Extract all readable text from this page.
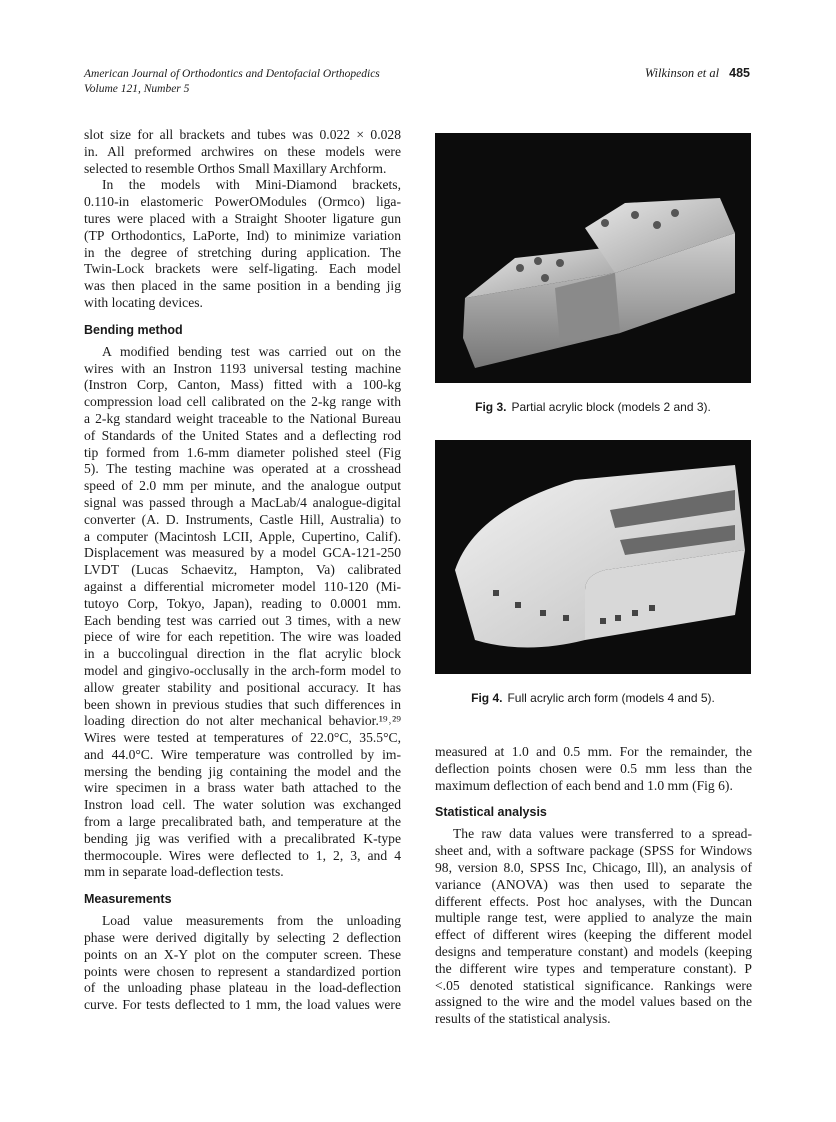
American Journal of Orthodontics and Dentofacial Orthopedics
Volume 121, Number 5
Wilkinson et al 485
slot size for all brackets and tubes was 0.022 × 0.028
in. All preformed archwires on these models were
selected to resemble Orthos Small Maxillary Archform.
In the models with Mini-Diamond brackets,
0.110-in elastomeric PowerOModules (Ormco) liga-
tures were placed with a Straight Shooter ligature gun
(TP Orthodontics, LaPorte, Ind) to minimize variation
in the degree of stretching during application. The
Twin-Lock brackets were self-ligating. Each model
was then placed in the same position in a bending jig
with locating devices.
Bending method
A modified bending test was carried out on the
wires with an Instron 1193 universal testing machine
(Instron Corp, Canton, Mass) fitted with a 100-kg
compression load cell calibrated on the 2-kg range with
a 2-kg standard weight traceable to the National Bureau
of Standards of the United States and a deflecting rod
tip formed from 1.6-mm diameter polished steel (Fig
5). The testing machine was operated at a crosshead
speed of 2.0 mm per minute, and the analogue output
signal was passed through a MacLab/4 analogue-digital
converter (A. D. Instruments, Castle Hill, Australia) to
a computer (Macintosh LCII, Apple, Cupertino, Calif).
Displacement was measured by a model GCA-121-250
LVDT (Lucas Schaevitz, Hampton, Va) calibrated
against a differential micrometer model 110-120 (Mi-
tutoyo Corp, Tokyo, Japan), reading to 0.0001 mm.
Each bending test was carried out 3 times, with a new
piece of wire for each repetition. The wire was loaded
in a buccolingual direction in the flat acrylic block
model and gingivo-occlusally in the arch-form model to
allow greater stability and positional accuracy. It has
been shown in previous studies that such differences in
loading direction do not alter mechanical behavior.¹⁹˒²⁹
Wires were tested at temperatures of 22.0°C, 35.5°C,
and 44.0°C. Wire temperature was controlled by im-
mersing the bending jig containing the model and the
wire specimen in a brass water bath attached to the
Instron load cell. The water solution was exchanged
from a large precalibrated bath, and temperature at the
bending jig was verified with a precalibrated K-type
thermocouple. Wires were deflected to 1, 2, 3, and 4
mm in separate load-deflection tests.
Measurements
Load value measurements from the unloading
phase were derived digitally by selecting 2 deflection
points on an X-Y plot on the computer screen. These
points were chosen to represent a standardized portion
of the unloading phase plateau in the load-deflection
curve. For tests deflected to 1 mm, the load values were
measured at 1.0 and 0.5 mm. For the remainder, the
deflection points chosen were 0.5 mm less than the
maximum deflection of each bend and 1.0 mm (Fig 6).
Statistical analysis
The raw data values were transferred to a spread-
sheet and, with a software package (SPSS for Windows
98, version 8.0, SPSS Inc, Chicago, Ill), an analysis of
variance (ANOVA) was then used to separate the
different effects. Post hoc analyses, with the Duncan
multiple range test, were applied to analyze the main
effect of different wires (keeping the different model
designs and temperature constant) and models (keeping
the different wire types and temperature constant). P
<.05 denoted statistical significance. Rankings were
assigned to the wire and the model values based on the
results of the statistical analysis.
Fig 3. Partial acrylic block (models 2 and 3).
Fig 4. Full acrylic arch form (models 4 and 5).
